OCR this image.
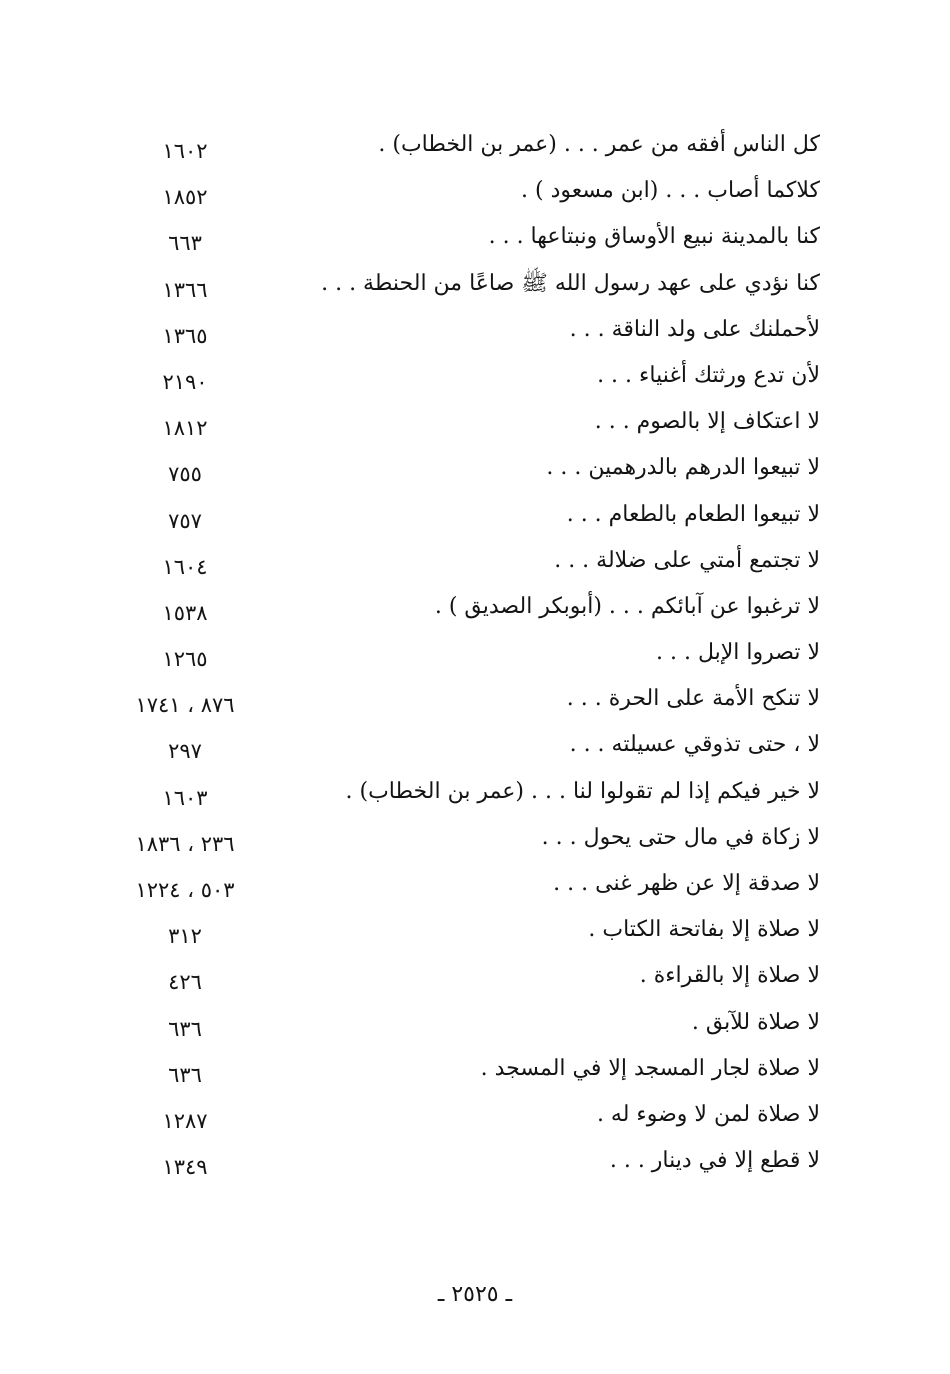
كل الناس أفقه من عمر . . . (عمر بن الخطاب) .
١٦٠٢
كلاكما أصاب . . . (ابن مسعود ) .
١٨٥٢
كنا بالمدينة نبيع الأوساق ونبتاعها . . .
٦٦٣
كنا نؤدي على عهد رسول الله ﷺ صاعًا من الحنطة . . .
١٣٦٦
لأحملنك على ولد الناقة . . .
١٣٦٥
لأن تدع ورثتك أغنياء . . .
٢١٩٠
لا اعتكاف إلا بالصوم . . .
١٨١٢
لا تبيعوا الدرهم بالدرهمين . . .
٧٥٥
لا تبيعوا الطعام بالطعام . . .
٧٥٧
لا تجتمع أمتي على ضلالة . . .
١٦٠٤
لا ترغبوا عن آبائكم . . . (أبوبكر الصديق ) .
١٥٣٨
لا تصروا الإبل . . .
١٢٦٥
لا تنكح الأمة على الحرة . . .
٨٧٦ ، ١٧٤١
لا ، حتى تذوقي عسيلته . . .
٢٩٧
لا خير فيكم إذا لم تقولوا لنا . . . (عمر بن الخطاب) .
١٦٠٣
لا زكاة في مال حتى يحول . . .
٢٣٦ ، ١٨٣٦
لا صدقة إلا عن ظهر غنى . . .
٥٠٣ ، ١٢٢٤
لا صلاة إلا بفاتحة الكتاب .
٣١٢
لا صلاة إلا بالقراءة .
٤٢٦
لا صلاة للآبق .
٦٣٦
لا صلاة لجار المسجد إلا في المسجد .
٦٣٦
لا صلاة لمن لا وضوء له .
١٢٨٧
لا قطع إلا في دينار . . .
١٣٤٩
ـ ٢٥٢٥ ـ
